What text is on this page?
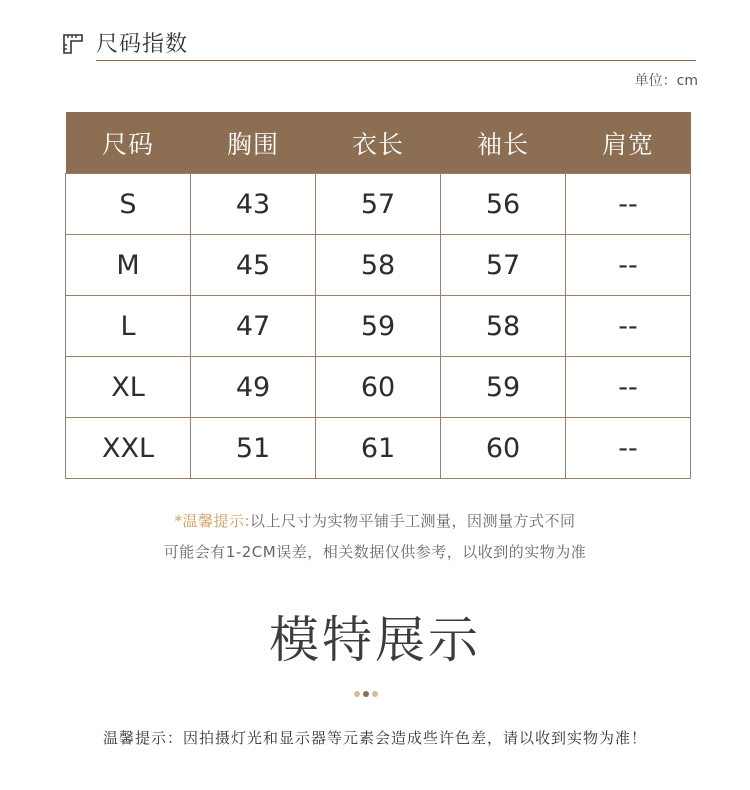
尺码指数
单位：cm
尺码	胸围	衣长	袖长	肩宽
S	43	57	56	--
M	45	58	57	--
L	47	59	58	--
XL	49	60	59	--
XXL	51	61	60	--
*温馨提示:以上尺寸为实物平铺手工测量，因测量方式不同
可能会有1-2CM误差，相关数据仅供参考，以收到的实物为准
模特展示
温馨提示：因拍摄灯光和显示器等元素会造成些许色差，请以收到实物为准！
